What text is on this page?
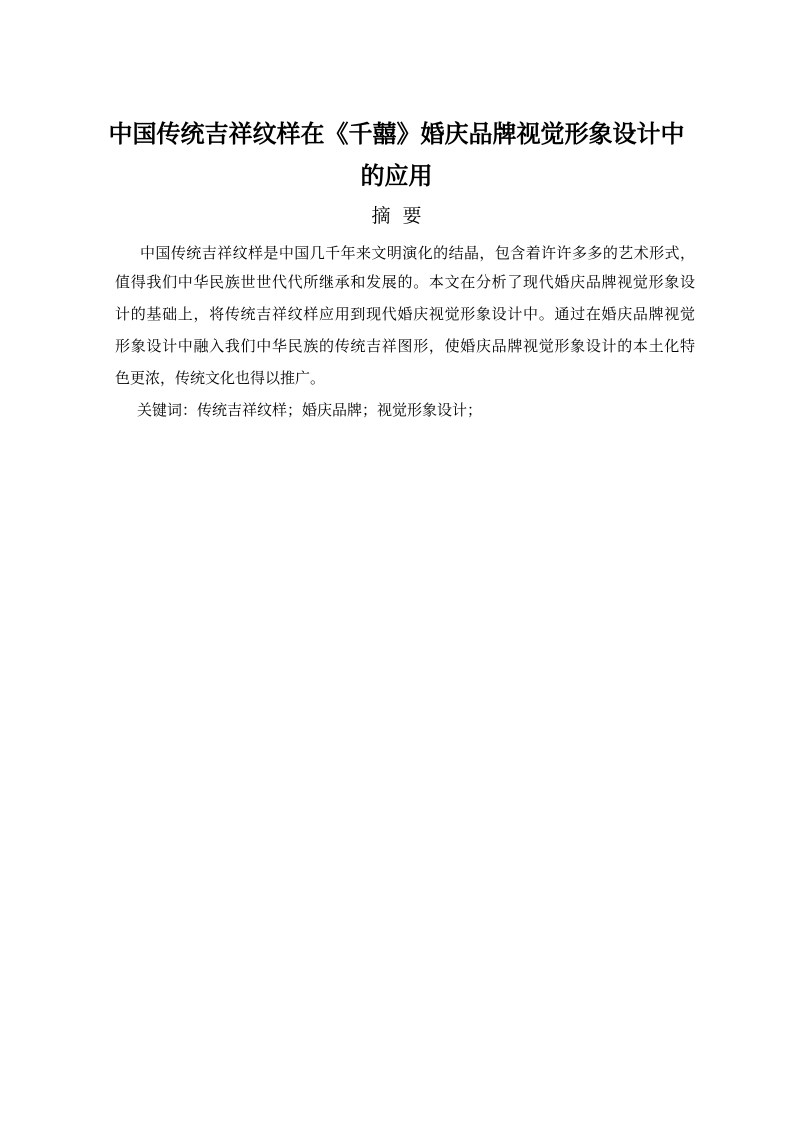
中国传统吉祥纹样在《千囍》婚庆品牌视觉形象设计中
的应用
摘要
中国传统吉祥纹样是中国几千年来文明演化的结晶，包含着许许多多的艺术形式，
值得我们中华民族世世代代所继承和发展的。本文在分析了现代婚庆品牌视觉形象设
计的基础上，将传统吉祥纹样应用到现代婚庆视觉形象设计中。通过在婚庆品牌视觉
形象设计中融入我们中华民族的传统吉祥图形，使婚庆品牌视觉形象设计的本土化特
色更浓，传统文化也得以推广。
关键词：传统吉祥纹样；婚庆品牌；视觉形象设计；
